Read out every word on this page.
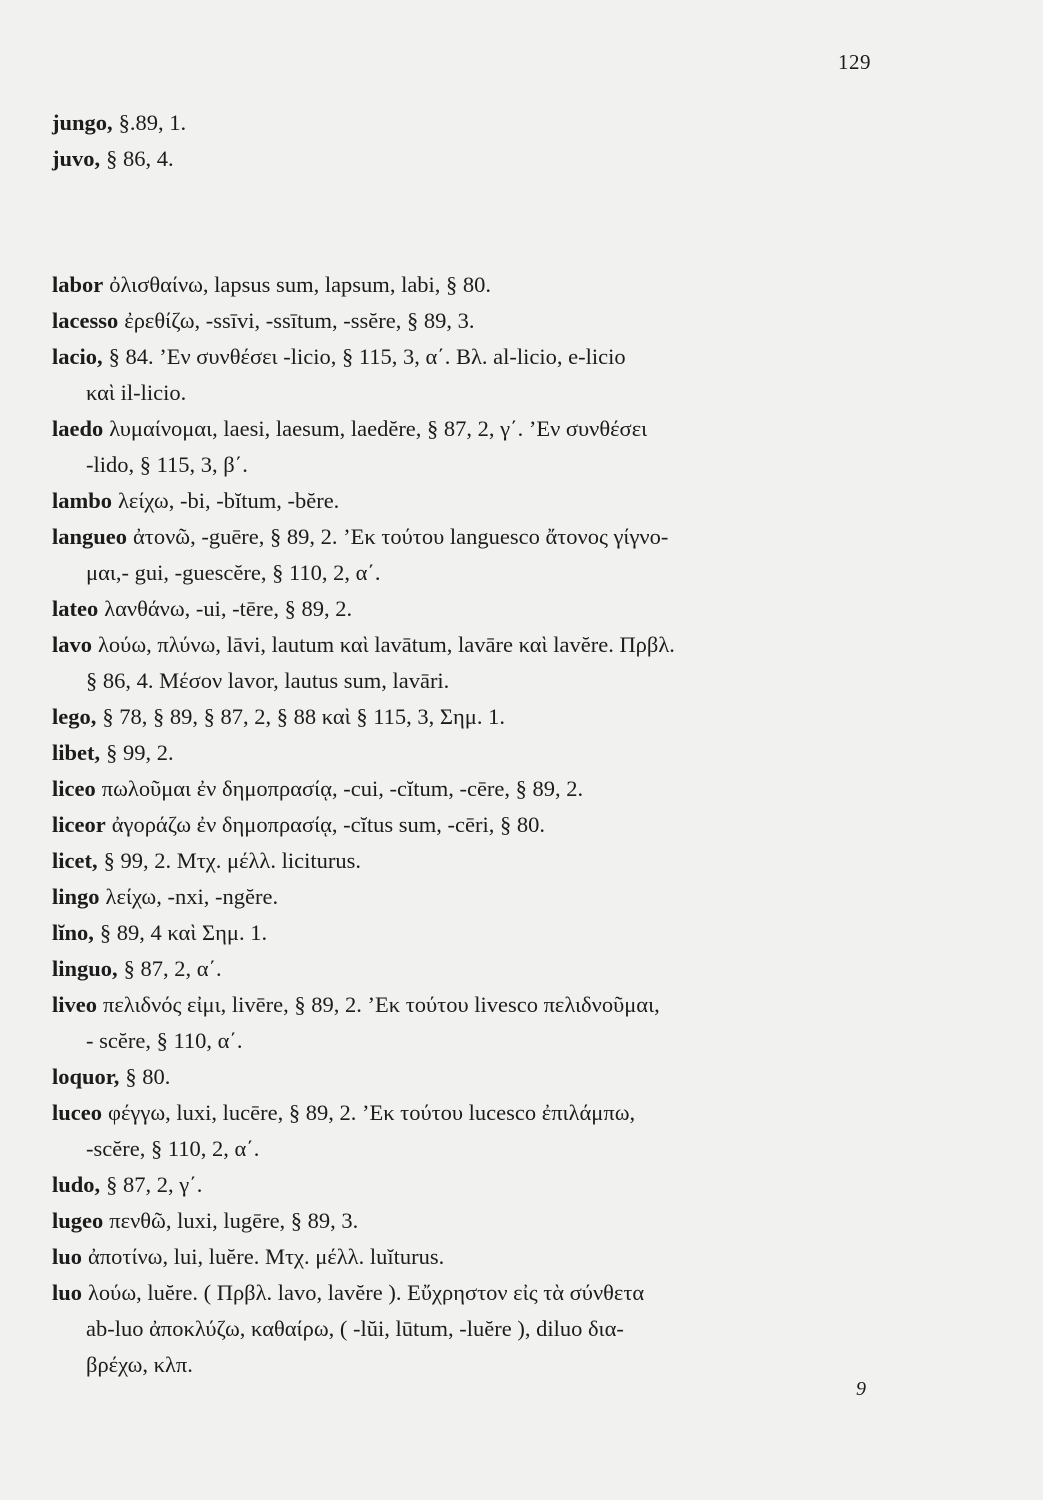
129
jungo, §.89, 1.
juvo, § 86, 4.
labor ὀλισθαίνω, lapsus sum, lapsum, labi, § 80.
lacesso ἐρεθίζω, -ssīvi, -ssītum, -ssĕre, § 89, 3.
lacio, § 84. ’Εν συνθέσει -licio, § 115, 3, α΄. Βλ. al-licio, e-licio
καὶ il-licio.
laedo λυμαίνομαι, laesi, laesum, laedĕre, § 87, 2, γ΄. ’Εν συνθέσει
-lido, § 115, 3, β΄.
lambo λείχω, -bi, -bĭtum, -bĕre.
langueo ἀτονῶ, -guēre, § 89, 2. ’Εκ τούτου languesco ἄτονος γίγνο-
μαι,- gui, -guescĕre, § 110, 2, α΄.
lateo λανθάνω, -ui, -tēre, § 89, 2.
lavo λούω, πλύνω, lāvi, lautum καὶ lavātum, lavāre καὶ lavĕre. Πρβλ.
§ 86, 4. Μέσον lavor, lautus sum, lavāri.
lego, § 78, § 89, § 87, 2, § 88 καὶ § 115, 3, Σημ. 1.
libet, § 99, 2.
liceo πωλοῦμαι ἐν δημοπρασίᾳ, -cui, -cĭtum, -cēre, § 89, 2.
liceor ἀγοράζω ἐν δημοπρασίᾳ, -cĭtus sum, -cēri, § 80.
licet, § 99, 2. Μτχ. μέλλ. liciturus.
lingo λείχω, -nxi, -ngĕre.
lĭno, § 89, 4 καὶ Σημ. 1.
linguo, § 87, 2, α΄.
liveo πελιδνός εἰμι, livēre, § 89, 2. ’Εκ τούτου livesco πελιδνοῦμαι,
- scĕre, § 110, α΄.
loquor, § 80.
luceo φέγγω, luxi, lucēre, § 89, 2. ’Εκ τούτου lucesco ἐπιλάμπω,
-scĕre, § 110, 2, α΄.
ludo, § 87, 2, γ΄.
lugeo πενθῶ, luxi, lugēre, § 89, 3.
luo ἀποτίνω, lui, luĕre. Μτχ. μέλλ. luĭturus.
luo λούω, luĕre. ( Πρβλ. lavo, lavĕre ). Εὔχρηστον εἰς τὰ σύνθετα
ab-luo ἀποκλύζω, καθαίρω, ( -lŭi, lūtum, -luĕre ), diluo δια-
βρέχω, κλπ.
9
